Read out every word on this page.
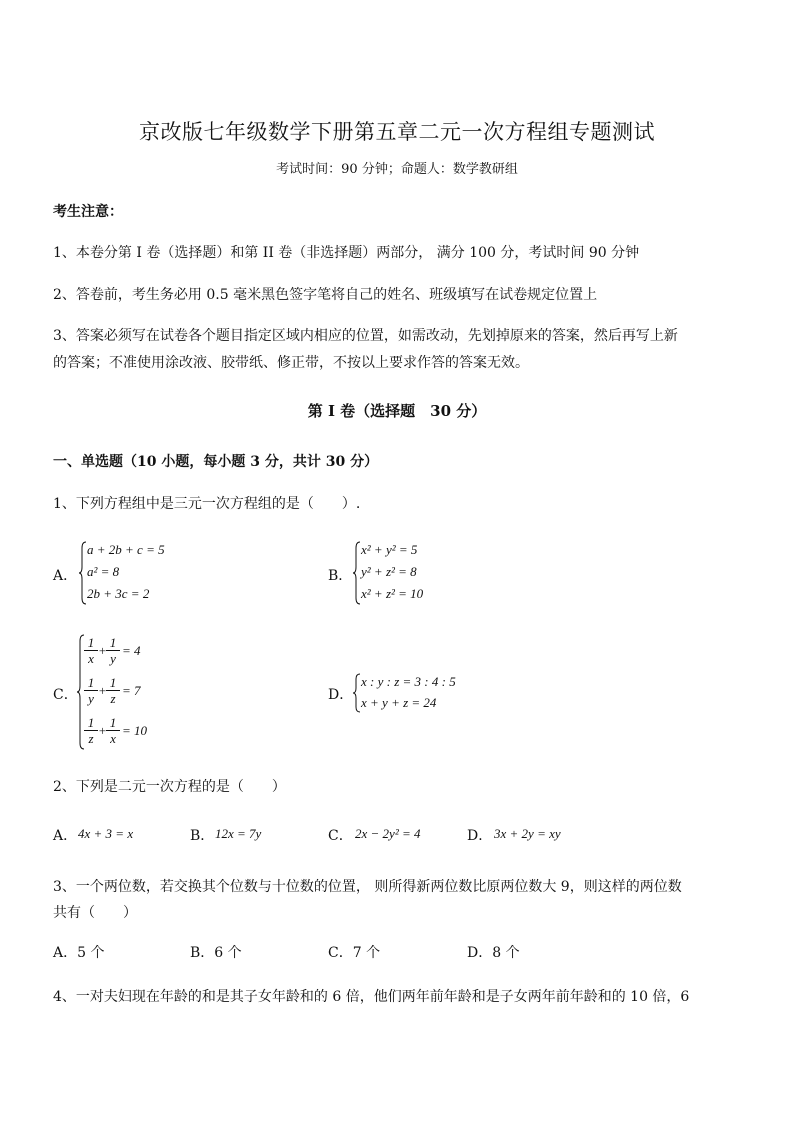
京改版七年级数学下册第五章二元一次方程组专题测试
考试时间：90 分钟；命题人：数学教研组
考生注意：
1、本卷分第 I 卷（选择题）和第 II 卷（非选择题）两部分， 满分 100 分，考试时间 90 分钟
2、答卷前，考生务必用 0.5 毫米黑色签字笔将自己的姓名、班级填写在试卷规定位置上
3、答案必须写在试卷各个题目指定区域内相应的位置，如需改动，先划掉原来的答案，然后再写上新
的答案；不准使用涂改液、胶带纸、修正带，不按以上要求作答的答案无效。
第 I 卷（选择题　30 分）
一、单选题（10 小题，每小题 3 分，共计 30 分）
1、下列方程组中是三元一次方程组的是（　　）.
A．
a + 2b + c = 5
a² = 8
2b + 3c = 2
B．
x² + y² = 5
y² + z² = 8
x² + z² = 10
C．
$\frac{1}{x} + \frac{1}{y} = 4$
$\frac{1}{y} + \frac{1}{z} = 7$
$\frac{1}{z} + \frac{1}{x} = 10$
D．
x : y : z = 3 : 4 : 5
x + y + z = 24
2、下列是二元一次方程的是（　　）
A． 4x + 3 = x	B． 12x = 7y	C． 2x − 2y² = 4	D． 3x + 2y = xy
3、一个两位数，若交换其个位数与十位数的位置， 则所得新两位数比原两位数大 9，则这样的两位数
共有（　　）
A．5 个	B．6 个	C．7 个	D．8 个
4、一对夫妇现在年龄的和是其子女年龄和的 6 倍，他们两年前年龄和是子女两年前年龄和的 10 倍，6
